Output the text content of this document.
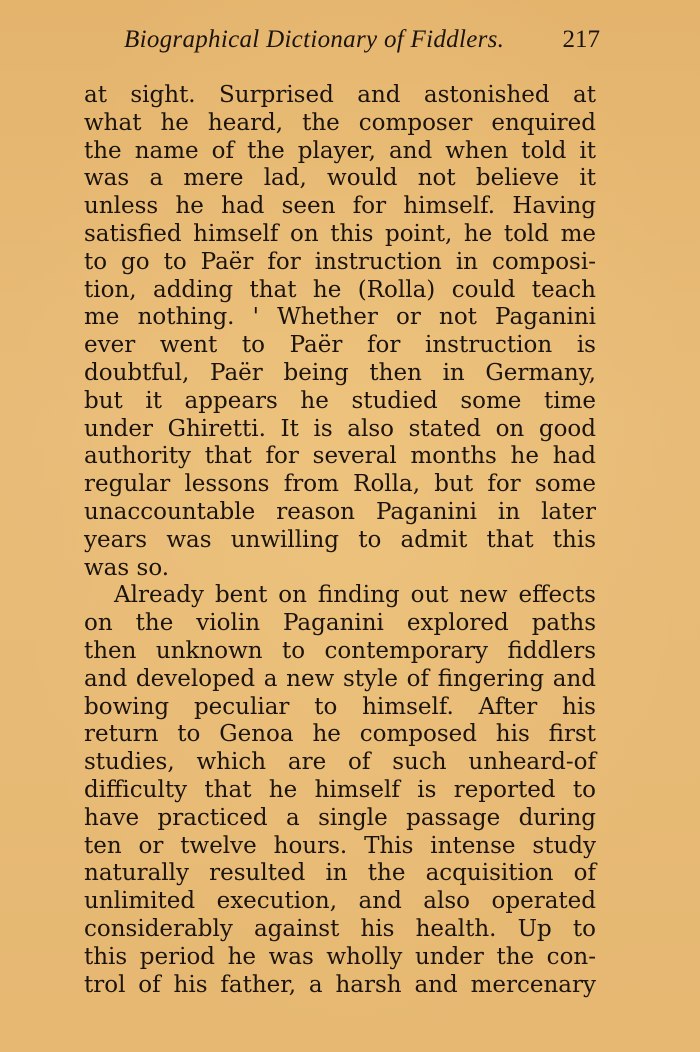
Biographical Dictionary of Fiddlers. 217
at sight. Surprised and astonished at
what he heard, the composer enquired
the name of the player, and when told it
was a mere lad, would not believe it
unless he had seen for himself. Having
satisfied himself on this point, he told me
to go to Paër for instruction in composi-
tion, adding that he (Rolla) could teach
me nothing. ' Whether or not Paganini
ever went to Paër for instruction is
doubtful, Paër being then in Germany,
but it appears he studied some time
under Ghiretti. It is also stated on good
authority that for several months he had
regular lessons from Rolla, but for some
unaccountable reason Paganini in later
years was unwilling to admit that this
was so.
Already bent on finding out new effects
on the violin Paganini explored paths
then unknown to contemporary fiddlers
and developed a new style of fingering and
bowing peculiar to himself. After his
return to Genoa he composed his first
studies, which are of such unheard-of
difficulty that he himself is reported to
have practiced a single passage during
ten or twelve hours. This intense study
naturally resulted in the acquisition of
unlimited execution, and also operated
considerably against his health. Up to
this period he was wholly under the con-
trol of his father, a harsh and mercenary
